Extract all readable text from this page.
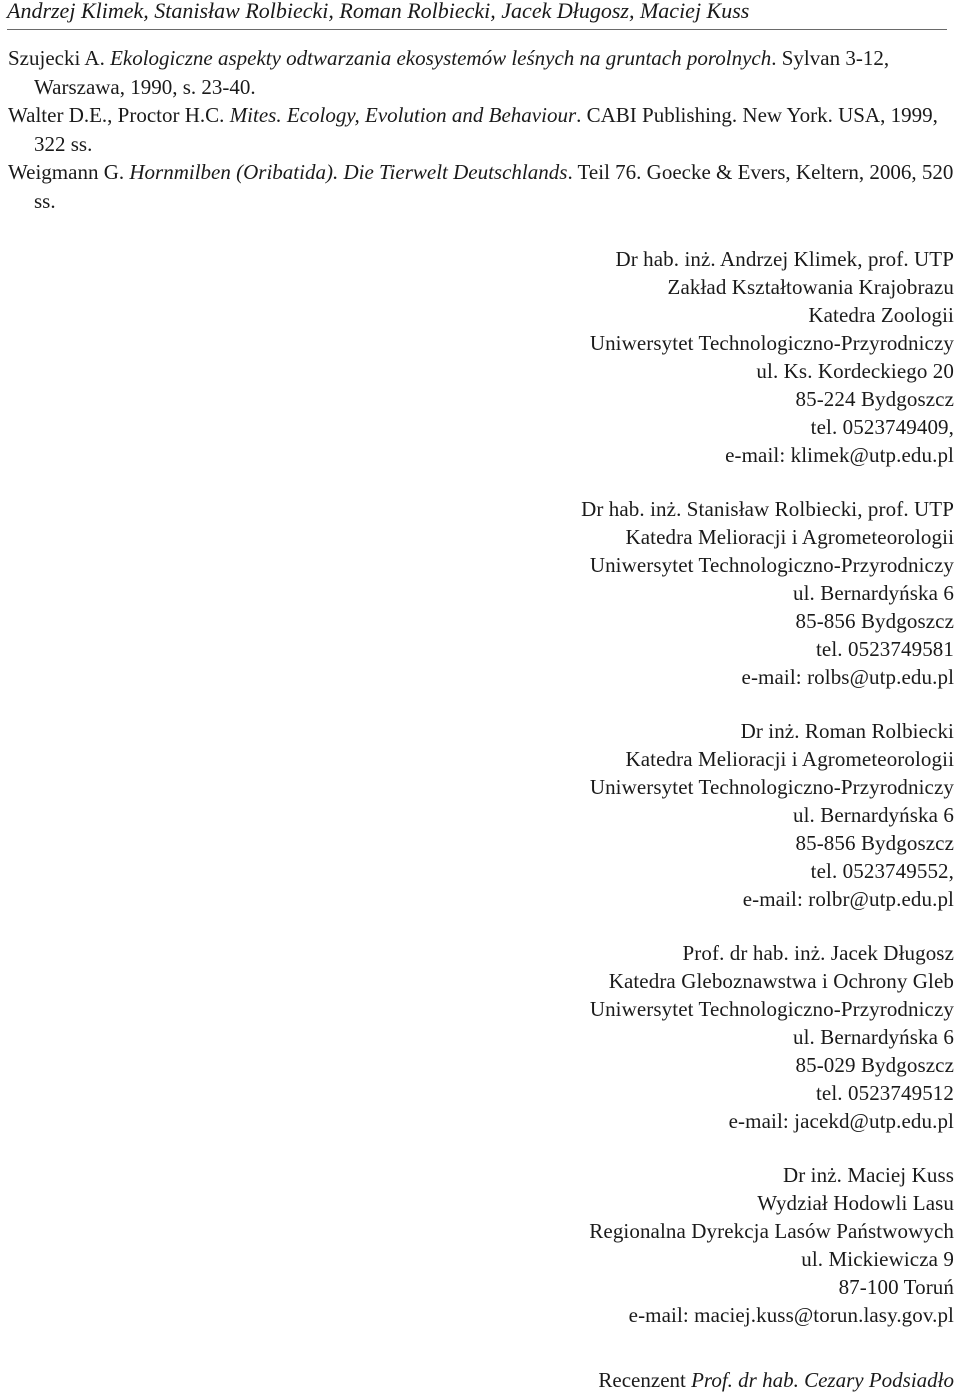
Andrzej Klimek, Stanisław Rolbiecki, Roman Rolbiecki, Jacek Długosz, Maciej Kuss

Szujecki A. Ekologiczne aspekty odtwarzania ekosystemów leśnych na gruntach porolnych. Sylvan 3-12, Warszawa, 1990, s. 23-40.

Walter D.E., Proctor H.C. Mites. Ecology, Evolution and Behaviour. CABI Publishing. New York. USA, 1999, 322 ss.

Weigmann G. Hornmilben (Oribatida). Die Tierwelt Deutschlands. Teil 76. Goecke & Evers, Keltern, 2006, 520 ss.

Dr hab. inż. Andrzej Klimek, prof. UTP
Zakład Kształtowania Krajobrazu
Katedra Zoologii
Uniwersytet Technologiczno-Przyrodniczy
ul. Ks. Kordeckiego 20
85-224 Bydgoszcz
tel. 0523749409,
e-mail: klimek@utp.edu.pl
Dr hab. inż. Stanisław Rolbiecki, prof. UTP
Katedra Melioracji i Agrometeorologii
Uniwersytet Technologiczno-Przyrodniczy
ul. Bernardyńska 6
85-856 Bydgoszcz
tel. 0523749581
e-mail: rolbs@utp.edu.pl
Dr inż. Roman Rolbiecki
Katedra Melioracji i Agrometeorologii
Uniwersytet Technologiczno-Przyrodniczy
ul. Bernardyńska 6
85-856 Bydgoszcz
tel. 0523749552,
e-mail: rolbr@utp.edu.pl
Prof. dr hab. inż. Jacek Długosz
Katedra Gleboznawstwa i Ochrony Gleb
Uniwersytet Technologiczno-Przyrodniczy
ul. Bernardyńska 6
85-029 Bydgoszcz
tel. 0523749512
e-mail: jacekd@utp.edu.pl
Dr inż. Maciej Kuss
Wydział Hodowli Lasu
Regionalna Dyrekcja Lasów Państwowych
ul. Mickiewicza 9
87-100 Toruń
e-mail: maciej.kuss@torun.lasy.gov.pl
Recenzent Prof. dr hab. Cezary Podsiadło
